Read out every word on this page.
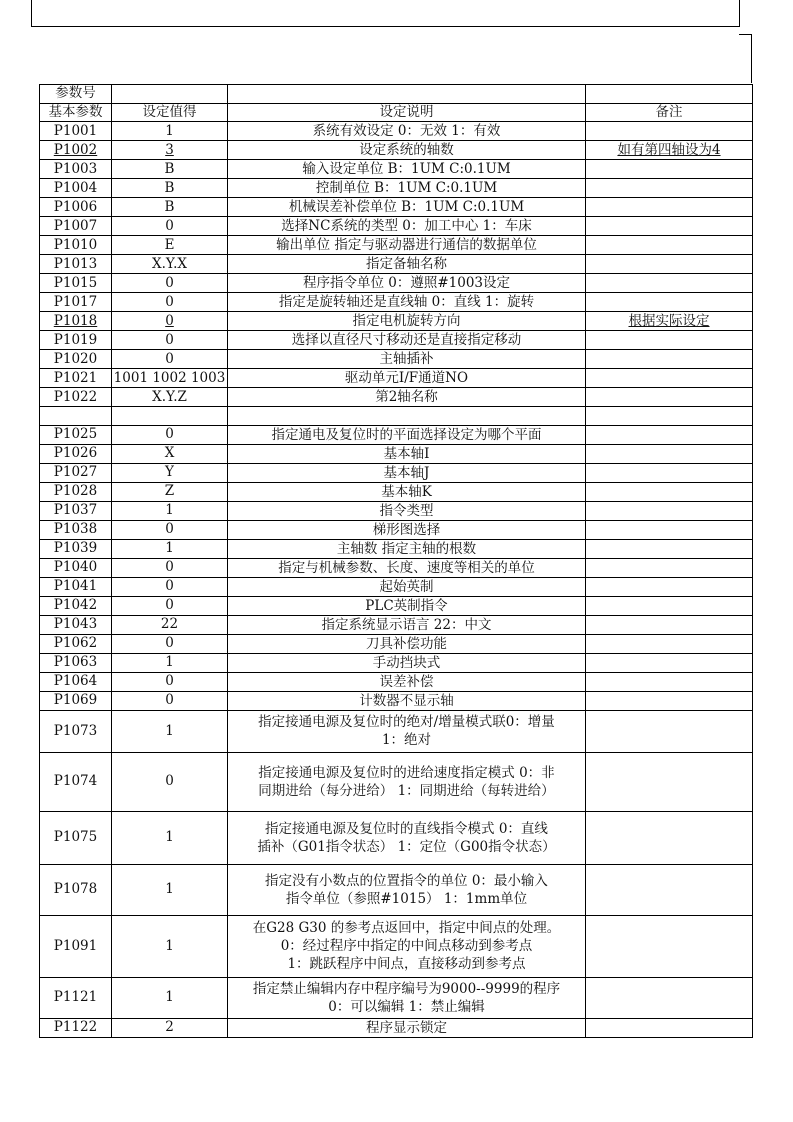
参数号			
基本参数	设定值得	设定说明	备注
P1001	1	系统有效设定 0：无效 1：有效	
P1002	3	设定系统的轴数	如有第四轴设为4
P1003	B	输入设定单位 B：1UM C:0.1UM	
P1004	B	控制单位 B：1UM C:0.1UM	
P1006	B	机械误差补偿单位 B：1UM C:0.1UM	
P1007	0	选择NC系统的类型 0：加工中心 1：车床	
P1010	E	输出单位 指定与驱动器进行通信的数据单位	
P1013	X.Y.X	指定备轴名称	
P1015	0	程序指令单位 0：遵照#1003设定	
P1017	0	指定是旋转轴还是直线轴 0：直线 1：旋转	
P1018	0	指定电机旋转方向	根据实际设定
P1019	0	选择以直径尺寸移动还是直接指定移动	
P1020	0	主轴插补	
P1021	1001 1002 1003	驱动单元I/F通道NO	
P1022	X.Y.Z	第2轴名称	

P1025	0	指定通电及复位时的平面选择设定为哪个平面	
P1026	X	基本轴I	
P1027	Y	基本轴J	
P1028	Z	基本轴K	
P1037	1	指令类型	
P1038	0	梯形图选择	
P1039	1	主轴数 指定主轴的根数	
P1040	0	指定与机械参数、长度、速度等相关的单位	
P1041	0	起始英制	
P1042	0	PLC英制指令	
P1043	22	指定系统显示语言 22：中文	
P1062	0	刀具补偿功能	
P1063	1	手动挡块式	
P1064	0	误差补偿	
P1069	0	计数器不显示轴	
P1073	1	指定接通电源及复位时的绝对/增量模式联0：增量
1：绝对	
P1074	0	指定接通电源及复位时的进给速度指定模式 0：非
同期进给（每分进给） 1：同期进给（每转进给）	
P1075	1	指定接通电源及复位时的直线指令模式 0：直线
插补（G01指令状态） 1：定位（G00指令状态）	
P1078	1	指定没有小数点的位置指令的单位 0：最小输入
指令单位（参照#1015） 1：1mm单位	
P1091	1	在G28 G30 的参考点返回中，指定中间点的处理。
0：经过程序中指定的中间点移动到参考点
1：跳跃程序中间点，直接移动到参考点	
P1121	1	指定禁止编辑内存中程序编号为9000--9999的程序
0：可以编辑 1：禁止编辑	
P1122	2	程序显示锁定	
